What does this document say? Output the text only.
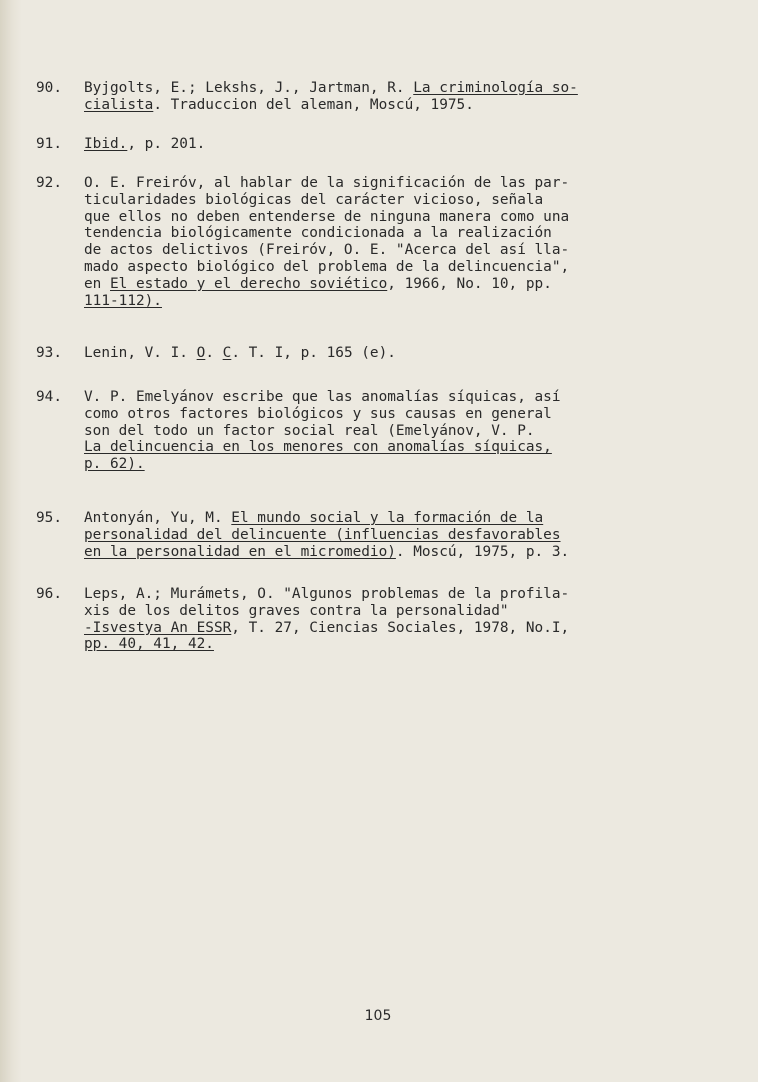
90.	Byjgolts, E.; Lekshs, J., Jartman, R. La criminología so-
cialista. Traduccion del aleman, Moscú, 1975.
91.	Ibid., p. 201.
92.	O. E. Freiróv, al hablar de la significación de las par-
ticularidades biológicas del carácter vicioso, señala
que ellos no deben entenderse de ninguna manera como una
tendencia biológicamente condicionada a la realización
de actos delictivos (Freiróv, O. E. "Acerca del así lla-
mado aspecto biológico del problema de la delincuencia",
en El estado y el derecho soviético, 1966, No. 10, pp.
111-112).
93.	Lenin, V. I. O. C. T. I, p. 165 (e).
94.	V. P. Emelyánov escribe que las anomalías síquicas, así
como otros factores biológicos y sus causas en general
son del todo un factor social real (Emelyánov, V. P.
La delincuencia en los menores con anomalías síquicas,
p. 62).
95.	Antonyán, Yu, M. El mundo social y la formación de la
personalidad del delincuente (influencias desfavorables
en la personalidad en el micromedio). Moscú, 1975, p. 3.
96.	Leps, A.; Murámets, O. "Algunos problemas de la profila-
xis de los delitos graves contra la personalidad"
-Isvestya An ESSR, T. 27, Ciencias Sociales, 1978, No.I,
pp. 40, 41, 42.
105
